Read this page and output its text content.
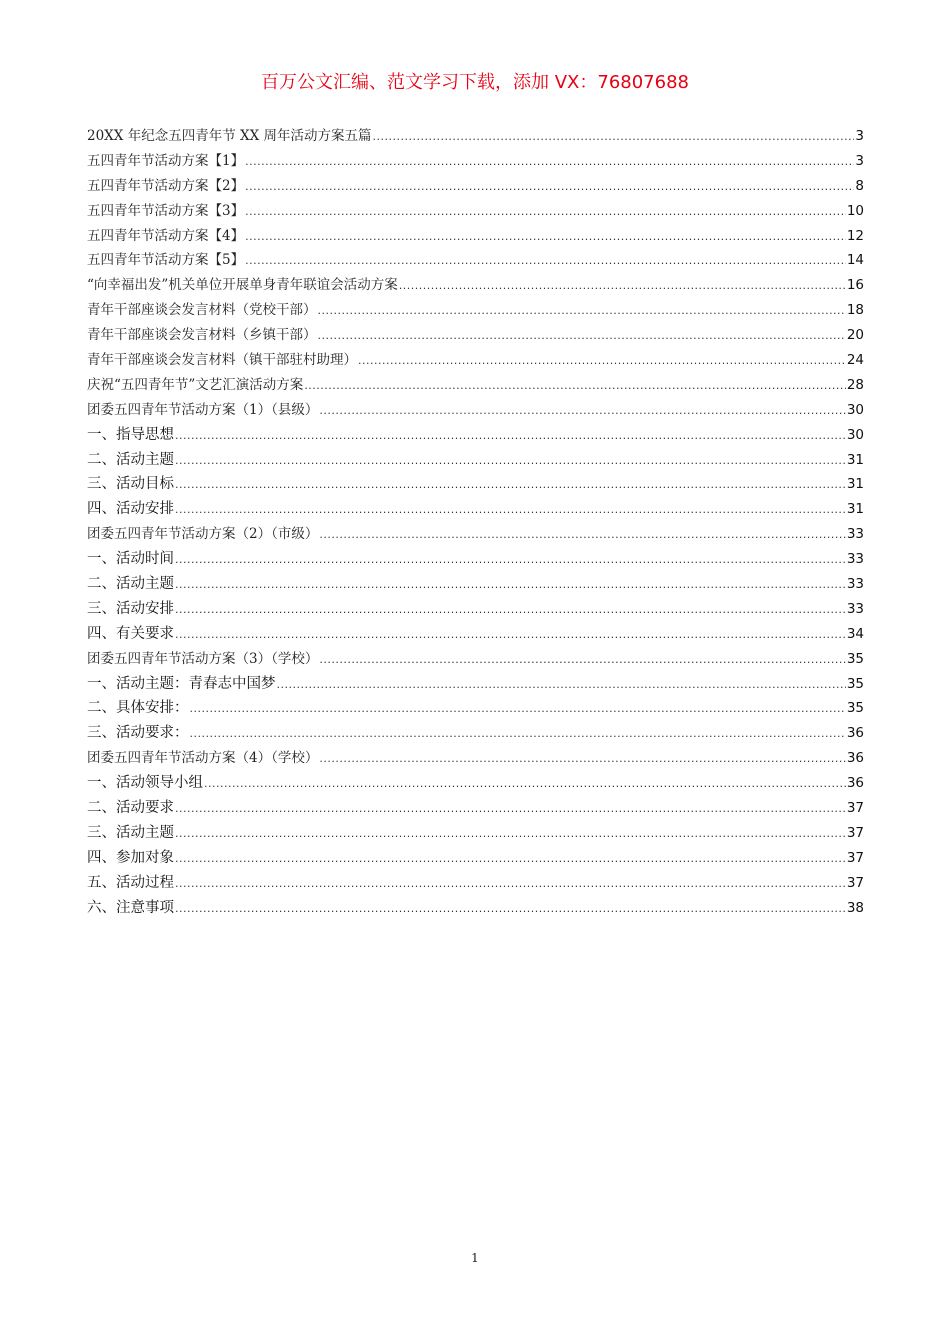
百万公文汇编、范文学习下载，添加 VX：76807688
20XX 年纪念五四青年节 XX 周年活动方案五篇 .....	3
五四青年节活动方案【1】 .....	3
五四青年节活动方案【2】 .....	8
五四青年节活动方案【3】 .....	10
五四青年节活动方案【4】 .....	12
五四青年节活动方案【5】 .....	14
“向幸福出发”机关单位开展单身青年联谊会活动方案 .....	16
青年干部座谈会发言材料（党校干部） .....	18
青年干部座谈会发言材料（乡镇干部） .....	20
青年干部座谈会发言材料（镇干部驻村助理） .....	24
庆祝“五四青年节”文艺汇演活动方案 .....	28
团委五四青年节活动方案（1）（县级） .....	30
一、指导思想 .....	30
二、活动主题 .....	31
三、活动目标 .....	31
四、活动安排 .....	31
团委五四青年节活动方案（2）（市级） .....	33
一、活动时间 .....	33
二、活动主题 .....	33
三、活动安排 .....	33
四、有关要求 .....	34
团委五四青年节活动方案（3）（学校） .....	35
一、活动主题：青春志中国梦 .....	35
二、具体安排： .....	35
三、活动要求： .....	36
团委五四青年节活动方案（4）（学校） .....	36
一、活动领导小组 .....	36
二、活动要求 .....	37
三、活动主题 .....	37
四、参加对象 .....	37
五、活动过程 .....	37
六、注意事项 .....	38
1
